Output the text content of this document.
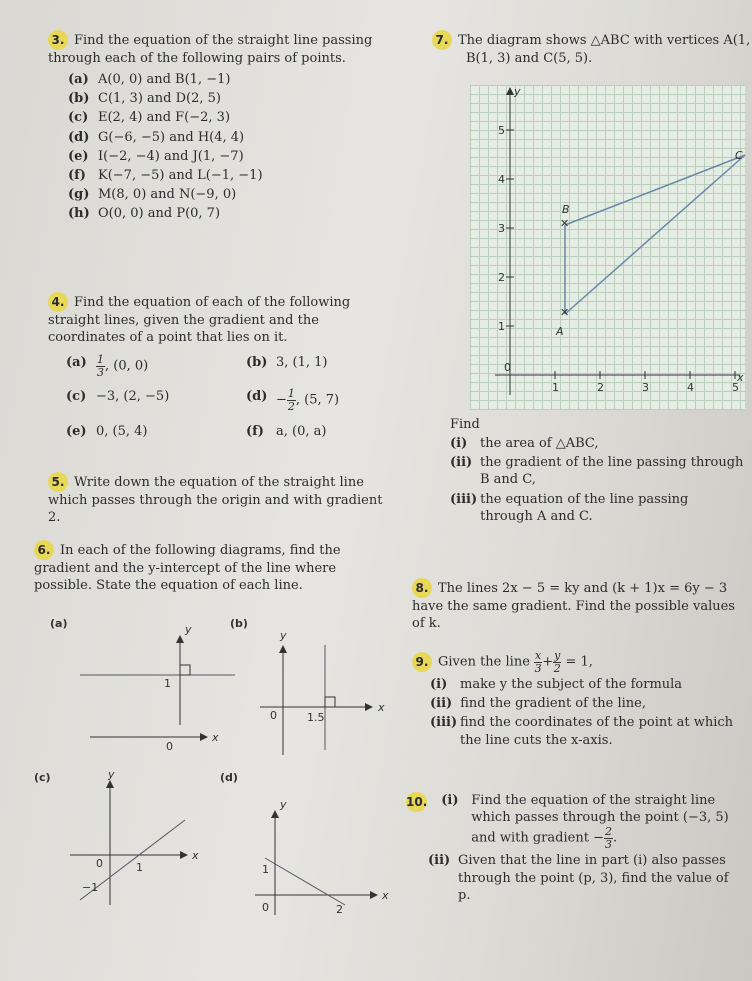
3. Find the equation of the straight line passing through each of the following pairs of points.
(a) A(0, 0) and B(1, −1)
(b) C(1, 3) and D(2, 5)
(c) E(2, 4) and F(−2, 3)
(d) G(−6, −5) and H(4, 4)
(e) I(−2, −4) and J(1, −7)
(f) K(−7, −5) and L(−1, −1)
(g) M(8, 0) and N(−9, 0)
(h) O(0, 0) and P(0, 7)
4. Find the equation of each of the following straight lines, given the gradient and the coordinates of a point that lies on it.
$(a) \frac{1}{3}$ , (0, 0)	(b) 3, (1, 1)
(c) −3, (2, −5)	$(d) - \frac{1}{2}$ , (5, 7)
(e) 0, (5, 4)	(f) a, (0, a)
5. Write down the equation of the straight line which passes through the origin and with gradient 2.
6. In each of the following diagrams, find the gradient and the y-intercept of the line where possible. State the equation of each line.
(a)	y
x
1
0
(b)
y
x
0	1.5
(c)	y
x
0	1
−1
(d)
y
x
0
1
2
7. The diagram shows △ABC with vertices A(1,
B(1, 3) and C(5, 5).
1
2
3
4
5
1	2	3	4	5
✕
✕
B
A
C
y
x
0
Find
(i) the area of △ABC,
(ii) the gradient of the line passing through B and C,
(iii) the equation of the line passing through A and C.
8. The lines 2x − 5 = ky and (k + 1)x = 6y − 3 have the same gradient. Find the possible values of k.
9. Given the line $\frac{x}{3} + \frac{y}{2} = 1$,
(i) make y the subject of the formula
(ii) find the gradient of the line,
(iii) find the coordinates of the point at which the line cuts the x-axis.
10. (i) Find the equation of the straight line which passes through the point (−3, 5) and with gradient − $\frac{2}{3}$ .
(ii) Given that the line in part (i) also passes through the point (p, 3), find the value of p.
